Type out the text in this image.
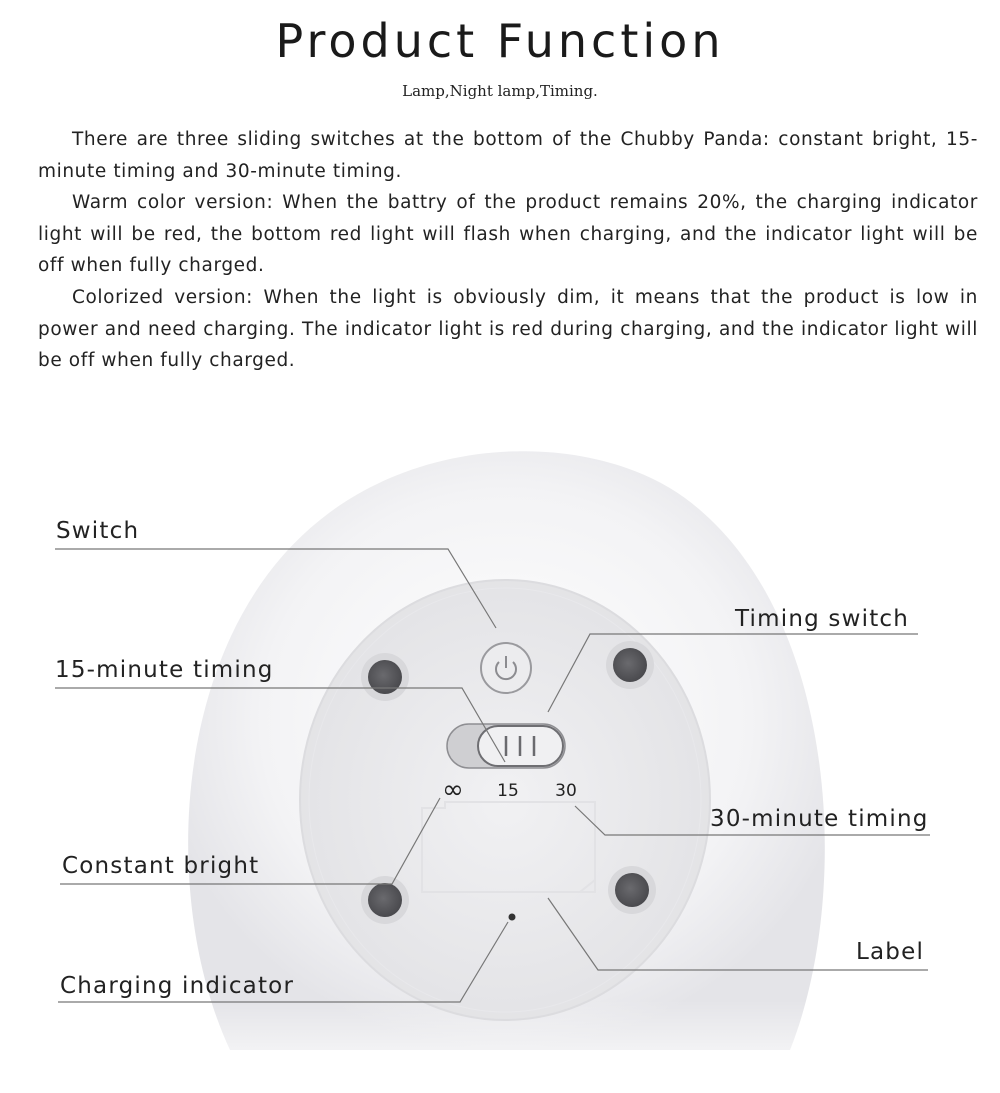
Product Function
Lamp,Night lamp,Timing.
There are three sliding switches at the bottom of the Chubby Panda: constant bright, 15-minute timing and 30-minute timing.
Warm color version: When the battry of the product remains 20%, the charging indicator light will be red, the bottom red light will flash when charging, and the indicator light will be off when fully charged.
Colorized version: When the light is obviously dim, it means that the product is low in power and need charging. The indicator light is red during charging, and the indicator light will be off when fully charged.
∞ 15 30
Switch
Timing switch
15-minute timing
30-minute timing
Constant bright
Label
Charging indicator
